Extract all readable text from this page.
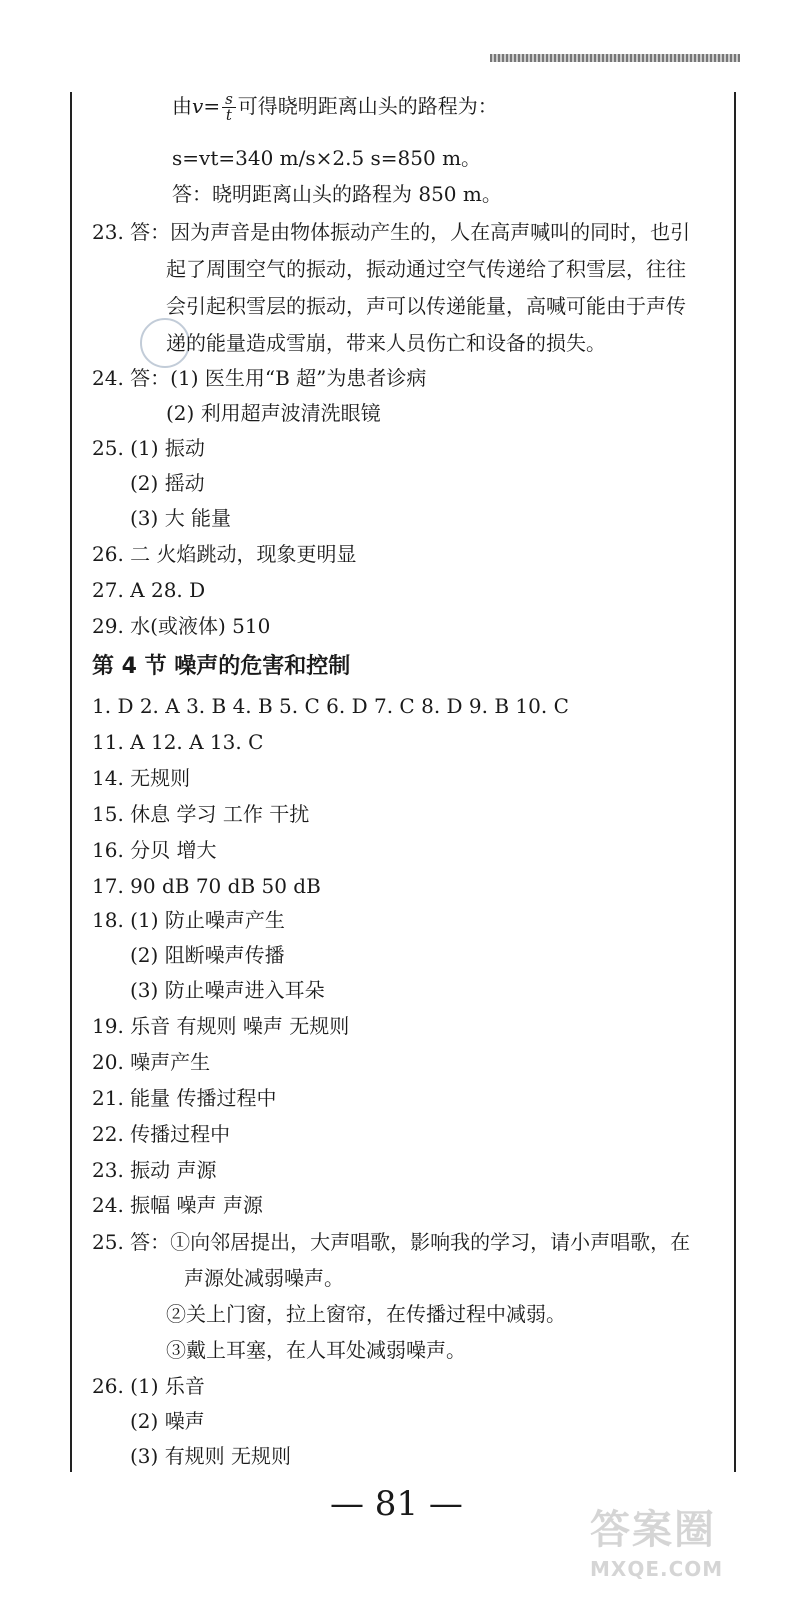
由$v= \frac{s}{t}$ 可得晓明距离山头的路程为：
s=vt=340 m/s×2.5 s=850 m。
答：晓明距离山头的路程为 850 m。
23. 答：因为声音是由物体振动产生的，人在高声喊叫的同时，也引
起了周围空气的振动，振动通过空气传递给了积雪层，往往
会引起积雪层的振动，声可以传递能量，高喊可能由于声传
递的能量造成雪崩，带来人员伤亡和设备的损失。
24. 答：(1) 医生用“B 超”为患者诊病
(2) 利用超声波清洗眼镜
25. (1) 振动
(2) 摇动
(3) 大 能量
26. 二 火焰跳动，现象更明显
27. A 28. D
29. 水(或液体) 510
第 4 节 噪声的危害和控制
1. D 2. A 3. B 4. B 5. C 6. D 7. C 8. D 9. B 10. C
11. A 12. A 13. C
14. 无规则
15. 休息 学习 工作 干扰
16. 分贝 增大
17. 90 dB 70 dB 50 dB
18. (1) 防止噪声产生
(2) 阻断噪声传播
(3) 防止噪声进入耳朵
19. 乐音 有规则 噪声 无规则
20. 噪声产生
21. 能量 传播过程中
22. 传播过程中
23. 振动 声源
24. 振幅 噪声 声源
25. 答：①向邻居提出，大声唱歌，影响我的学习，请小声唱歌，在
声源处减弱噪声。
②关上门窗，拉上窗帘，在传播过程中减弱。
③戴上耳塞，在人耳处减弱噪声。
26. (1) 乐音
(2) 噪声
(3) 有规则 无规则
— 81 —
答案圈
MXQE.COM
